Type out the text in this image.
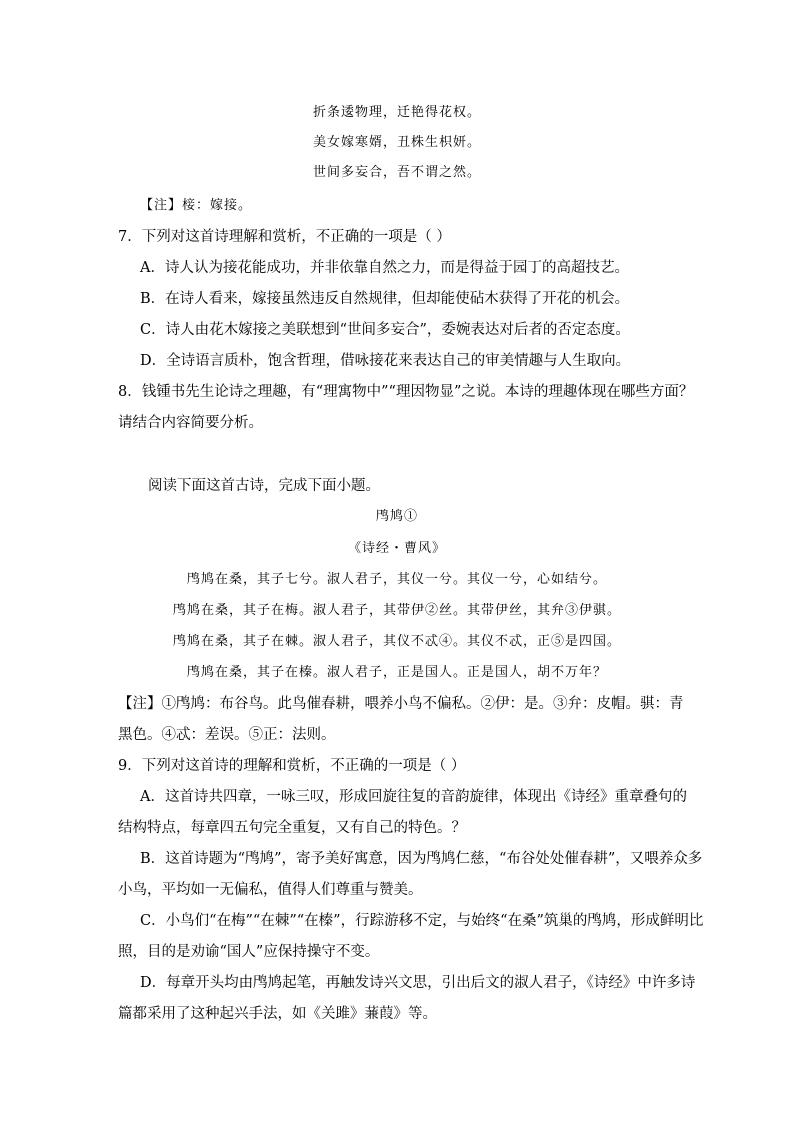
折条逶物理，迁艳得花权。
美女嫁寒婿，丑株生枳妍。
世间多妄合，吾不谓之然。
【注】椄：嫁接。
7．下列对这首诗理解和赏析，不正确的一项是（ ）
A．诗人认为接花能成功，并非依靠自然之力，而是得益于园丁的高超技艺。
B．在诗人看来，嫁接虽然违反自然规律，但却能使砧木获得了开花的机会。
C．诗人由花木嫁接之美联想到“世间多妄合”，委婉表达对后者的否定态度。
D．全诗语言质朴，饱含哲理，借咏接花来表达自己的审美情趣与人生取向。
8．钱锺书先生论诗之理趣，有“理寓物中”“理因物显”之说。本诗的理趣体现在哪些方面？
请结合内容简要分析。
阅读下面这首古诗，完成下面小题。
鸤鸠①
《诗经・曹风》
鸤鸠在桑，其子七兮。淑人君子，其仪一兮。其仪一兮，心如结兮。
鸤鸠在桑，其子在梅。淑人君子，其带伊②丝。其带伊丝，其弁③伊骐。
鸤鸠在桑，其子在棘。淑人君子，其仪不忒④。其仪不忒，正⑤是四国。
鸤鸠在桑，其子在榛。淑人君子，正是国人。正是国人，胡不万年？
【注】①鸤鸠：布谷鸟。此鸟催春耕，喂养小鸟不偏私。②伊：是。③弁：皮帽。骐：青
黑色。④忒：差误。⑤正：法则。
9．下列对这首诗的理解和赏析，不正确的一项是（ ）
A．这首诗共四章，一咏三叹，形成回旋往复的音韵旋律，体现出《诗经》重章叠句的
结构特点，每章四五句完全重复，又有自己的特色。？
B．这首诗题为“鸤鸠”，寄予美好寓意，因为鸤鸠仁慈，“布谷处处催春耕”，又喂养众多
小鸟，平均如一无偏私，值得人们尊重与赞美。
C．小鸟们“在梅”“在棘”“在榛”，行踪游移不定，与始终“在桑”筑巢的鸤鸠，形成鲜明比
照，目的是劝谕“国人”应保持操守不变。
D．每章开头均由鸤鸠起笔，再触发诗兴文思，引出后文的淑人君子，《诗经》中许多诗
篇都采用了这种起兴手法，如《关雎》蒹葭》等。
